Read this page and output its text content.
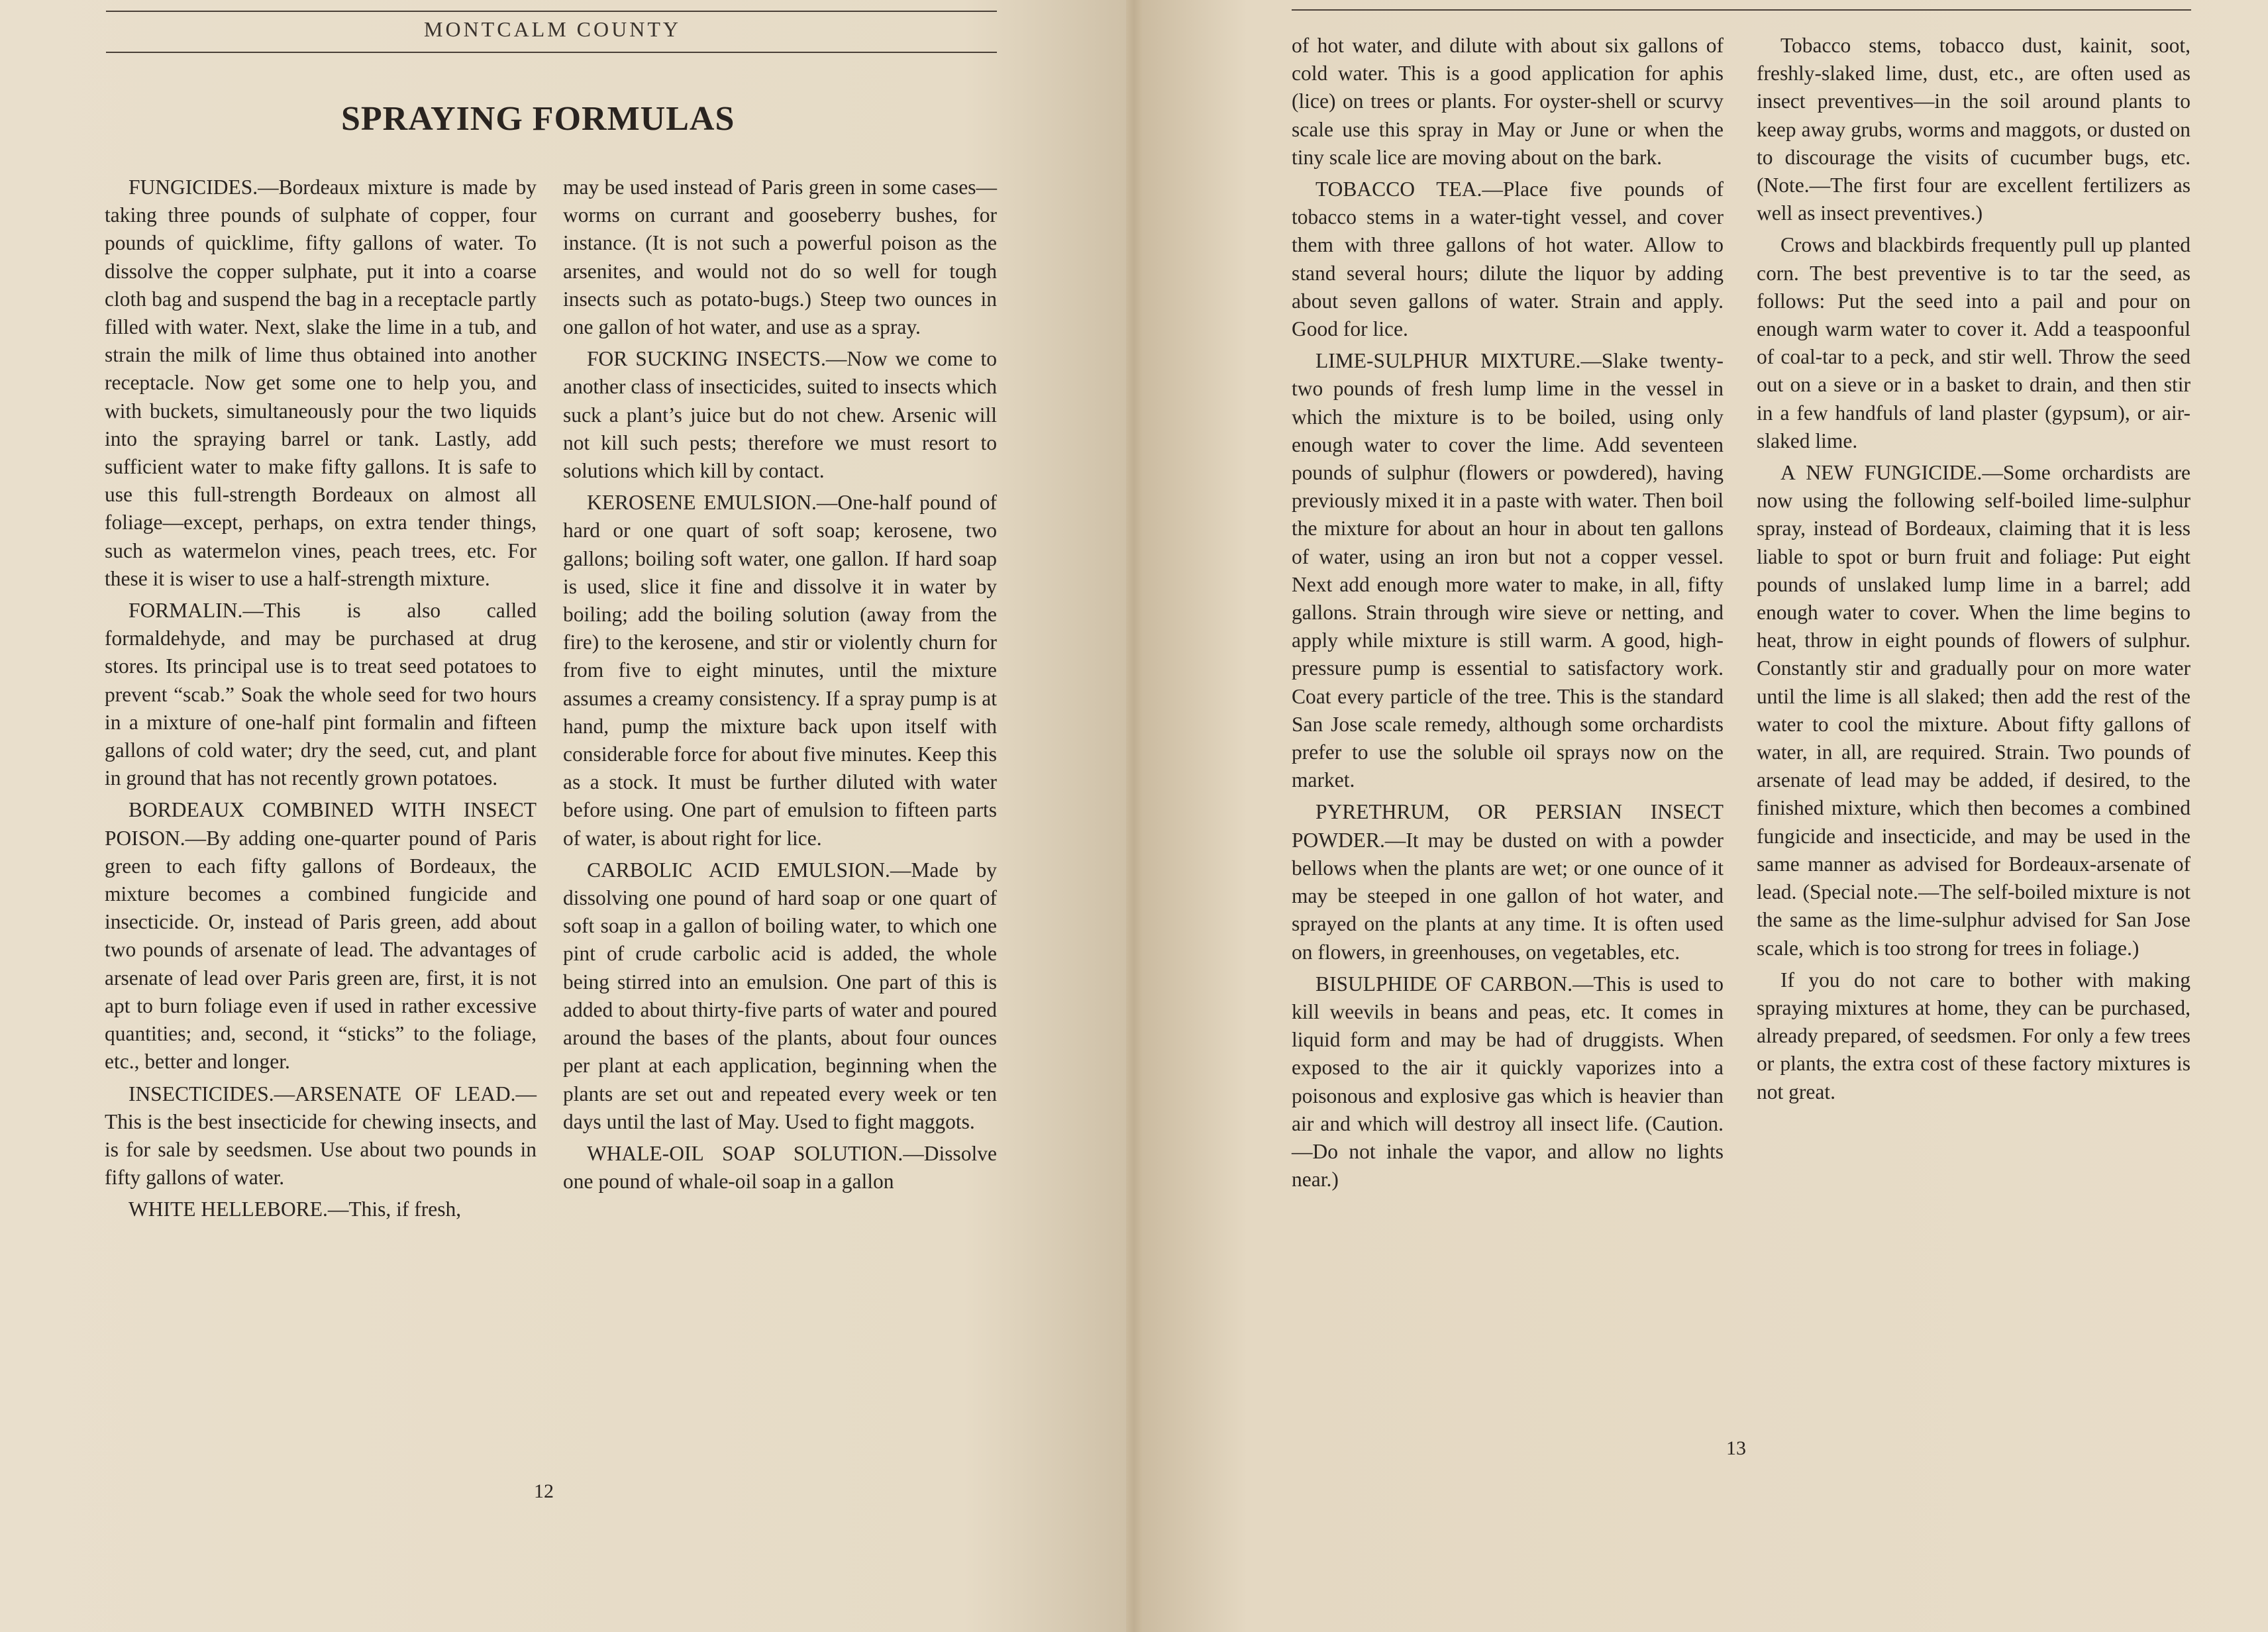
MONTCALM COUNTY
SPRAYING FORMULAS

FUNGICIDES.—Bordeaux mixture is made by taking three pounds of sulphate of copper, four pounds of quicklime, fifty gallons of water. To dissolve the copper sulphate, put it into a coarse cloth bag and suspend the bag in a receptacle partly filled with water. Next, slake the lime in a tub, and strain the milk of lime thus obtained into another receptacle. Now get some one to help you, and with buckets, simultaneously pour the two liquids into the spraying barrel or tank. Lastly, add sufficient water to make fifty gallons. It is safe to use this full-strength Bordeaux on almost all foliage—except, perhaps, on extra tender things, such as watermelon vines, peach trees, etc. For these it is wiser to use a half-strength mixture.

FORMALIN.—This is also called formaldehyde, and may be purchased at drug stores. Its principal use is to treat seed potatoes to prevent “scab.” Soak the whole seed for two hours in a mixture of one-half pint formalin and fifteen gallons of cold water; dry the seed, cut, and plant in ground that has not recently grown potatoes.

BORDEAUX COMBINED WITH INSECT POISON.—By adding one-quarter pound of Paris green to each fifty gallons of Bordeaux, the mixture becomes a combined fungicide and insecticide. Or, instead of Paris green, add about two pounds of arsenate of lead. The advantages of arsenate of lead over Paris green are, first, it is not apt to burn foliage even if used in rather excessive quantities; and, second, it “sticks” to the foliage, etc., better and longer.

INSECTICIDES.—ARSENATE OF LEAD.—This is the best insecticide for chewing insects, and is for sale by seedsmen. Use about two pounds in fifty gallons of water.

WHITE HELLEBORE.—This, if fresh,

may be used instead of Paris green in some cases—worms on currant and gooseberry bushes, for instance. (It is not such a powerful poison as the arsenites, and would not do so well for tough insects such as potato-bugs.) Steep two ounces in one gallon of hot water, and use as a spray.

FOR SUCKING INSECTS.—Now we come to another class of insecticides, suited to insects which suck a plant’s juice but do not chew. Arsenic will not kill such pests; therefore we must resort to solutions which kill by contact.

KEROSENE EMULSION.—One-half pound of hard or one quart of soft soap; kerosene, two gallons; boiling soft water, one gallon. If hard soap is used, slice it fine and dissolve it in water by boiling; add the boiling solution (away from the fire) to the kerosene, and stir or violently churn for from five to eight minutes, until the mixture assumes a creamy consistency. If a spray pump is at hand, pump the mixture back upon itself with considerable force for about five minutes. Keep this as a stock. It must be further diluted with water before using. One part of emulsion to fifteen parts of water, is about right for lice.

CARBOLIC ACID EMULSION.—Made by dissolving one pound of hard soap or one quart of soft soap in a gallon of boiling water, to which one pint of crude carbolic acid is added, the whole being stirred into an emulsion. One part of this is added to about thirty-five parts of water and poured around the bases of the plants, about four ounces per plant at each application, beginning when the plants are set out and repeated every week or ten days until the last of May. Used to fight maggots.

WHALE-OIL SOAP SOLUTION.—Dissolve one pound of whale-oil soap in a gallon

12

of hot water, and dilute with about six gallons of cold water. This is a good application for aphis (lice) on trees or plants. For oyster-shell or scurvy scale use this spray in May or June or when the tiny scale lice are moving about on the bark.

TOBACCO TEA.—Place five pounds of tobacco stems in a water-tight vessel, and cover them with three gallons of hot water. Allow to stand several hours; dilute the liquor by adding about seven gallons of water. Strain and apply. Good for lice.

LIME-SULPHUR MIXTURE.—Slake twenty-two pounds of fresh lump lime in the vessel in which the mixture is to be boiled, using only enough water to cover the lime. Add seventeen pounds of sulphur (flowers or powdered), having previously mixed it in a paste with water. Then boil the mixture for about an hour in about ten gallons of water, using an iron but not a copper vessel. Next add enough more water to make, in all, fifty gallons. Strain through wire sieve or netting, and apply while mixture is still warm. A good, high-pressure pump is essential to satisfactory work. Coat every particle of the tree. This is the standard San Jose scale remedy, although some orchardists prefer to use the soluble oil sprays now on the market.

PYRETHRUM, OR PERSIAN INSECT POWDER.—It may be dusted on with a powder bellows when the plants are wet; or one ounce of it may be steeped in one gallon of hot water, and sprayed on the plants at any time. It is often used on flowers, in greenhouses, on vegetables, etc.

BISULPHIDE OF CARBON.—This is used to kill weevils in beans and peas, etc. It comes in liquid form and may be had of druggists. When exposed to the air it quickly vaporizes into a poisonous and explosive gas which is heavier than air and which will destroy all insect life. (Caution.—Do not inhale the vapor, and allow no lights near.)

Tobacco stems, tobacco dust, kainit, soot, freshly-slaked lime, dust, etc., are often used as insect preventives—in the soil around plants to keep away grubs, worms and maggots, or dusted on to discourage the visits of cucumber bugs, etc. (Note.—The first four are excellent fertilizers as well as insect preventives.)

Crows and blackbirds frequently pull up planted corn. The best preventive is to tar the seed, as follows: Put the seed into a pail and pour on enough warm water to cover it. Add a teaspoonful of coal-tar to a peck, and stir well. Throw the seed out on a sieve or in a basket to drain, and then stir in a few handfuls of land plaster (gypsum), or air-slaked lime.

A NEW FUNGICIDE.—Some orchardists are now using the following self-boiled lime-sulphur spray, instead of Bordeaux, claiming that it is less liable to spot or burn fruit and foliage: Put eight pounds of unslaked lump lime in a barrel; add enough water to cover. When the lime begins to heat, throw in eight pounds of flowers of sulphur. Constantly stir and gradually pour on more water until the lime is all slaked; then add the rest of the water to cool the mixture. About fifty gallons of water, in all, are required. Strain. Two pounds of arsenate of lead may be added, if desired, to the finished mixture, which then becomes a combined fungicide and insecticide, and may be used in the same manner as advised for Bordeaux-arsenate of lead. (Special note.—The self-boiled mixture is not the same as the lime-sulphur advised for San Jose scale, which is too strong for trees in foliage.)

If you do not care to bother with making spraying mixtures at home, they can be purchased, already prepared, of seedsmen. For only a few trees or plants, the extra cost of these factory mixtures is not great.

13
